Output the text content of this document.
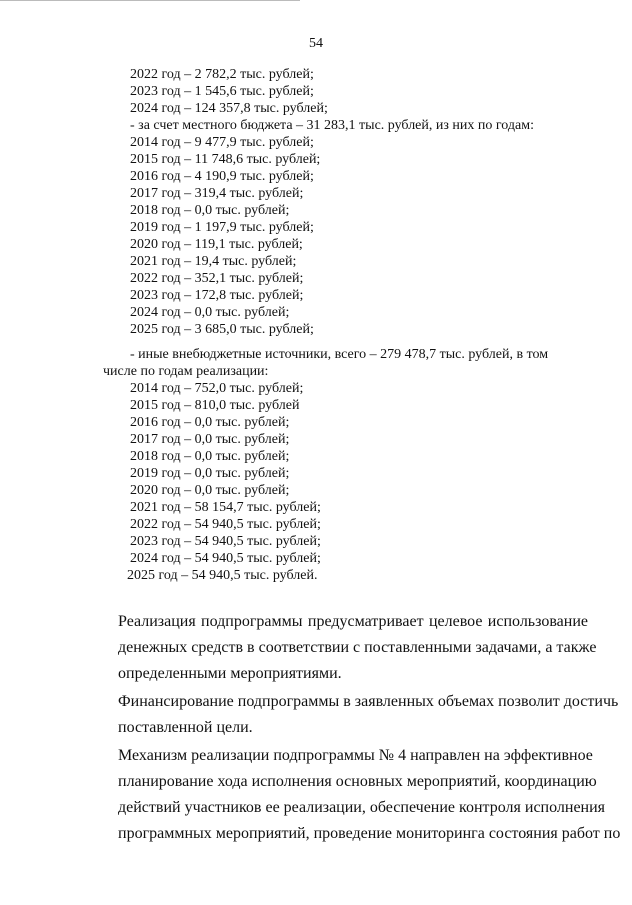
54
2022 год – 2 782,2 тыс. рублей;
2023 год – 1 545,6 тыс. рублей;
2024 год – 124 357,8 тыс. рублей;
- за счет местного бюджета – 31 283,1 тыс. рублей, из них по годам:
2014 год – 9 477,9 тыс. рублей;
2015 год – 11 748,6 тыс. рублей;
2016 год – 4 190,9 тыс. рублей;
2017 год – 319,4 тыс. рублей;
2018 год – 0,0 тыс. рублей;
2019 год – 1 197,9 тыс. рублей;
2020 год – 119,1 тыс. рублей;
2021 год – 19,4 тыс. рублей;
2022 год – 352,1 тыс. рублей;
2023 год – 172,8 тыс. рублей;
2024 год – 0,0 тыс. рублей;
2025 год – 3 685,0 тыс. рублей;
- иные внебюджетные источники, всего – 279 478,7 тыс. рублей, в том
числе по годам реализации:
2014 год – 752,0 тыс. рублей;
2015 год – 810,0 тыс. рублей
2016 год – 0,0 тыс. рублей;
2017 год – 0,0 тыс. рублей;
2018 год – 0,0 тыс. рублей;
2019 год – 0,0 тыс. рублей;
2020 год – 0,0 тыс. рублей;
2021 год – 58 154,7 тыс. рублей;
2022 год – 54 940,5 тыс. рублей;
2023 год – 54 940,5 тыс. рублей;
2024 год – 54 940,5 тыс. рублей;
2025 год – 54 940,5 тыс. рублей.
Реализация подпрограммы предусматривает целевое использование
денежных средств в соответствии с поставленными задачами, а также
определенными мероприятиями.
Финансирование подпрограммы в заявленных объемах позволит достичь
поставленной цели.
Механизм реализации подпрограммы № 4 направлен на эффективное
планирование хода исполнения основных мероприятий, координацию
действий участников ее реализации, обеспечение контроля исполнения
программных мероприятий, проведение мониторинга состояния работ по
